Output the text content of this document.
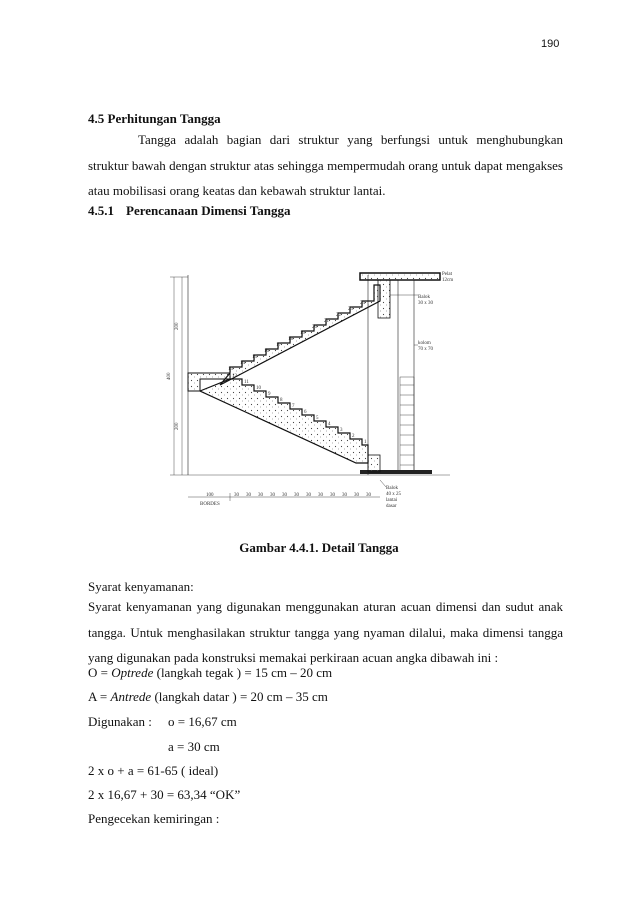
190
4.5 Perhitungan Tangga
Tangga adalah bagian dari struktur yang berfungsi untuk menghubungkan struktur bawah dengan struktur atas sehingga mempermudah orang untuk dapat mengakses atau mobilisasi orang keatas dan kebawah struktur lantai.
4.5.1 Perencanaan Dimensi Tangga
400
200
200
Pelat
12cm
Balok
30 x 30
kolom
70 x 70
Balok
40 x 25
lantai
dasar
13
14
15
16
17
18
19
20
21
22
23
24
1
2
3
4
5
6
7
8
9
10
11
12
100	30 30 30 30 30 30 30 30 30 30 30 30
BORDES
Gambar 4.4.1. Detail Tangga
Syarat kenyamanan:
Syarat kenyamanan yang digunakan menggunakan aturan acuan dimensi dan sudut anak tangga. Untuk menghasilakan struktur tangga yang nyaman dilalui, maka dimensi tangga yang digunakan pada konstruksi memakai perkiraan acuan angka dibawah ini :
O = Optrede (langkah tegak ) = 15 cm – 20 cm
A = Antrede (langkah datar ) = 20 cm – 35 cm
Digunakan : o = 16,67 cm
a = 30 cm
2 x o + a = 61-65 ( ideal)
2 x 16,67 + 30 = 63,34 “OK”
Pengecekan kemiringan :
